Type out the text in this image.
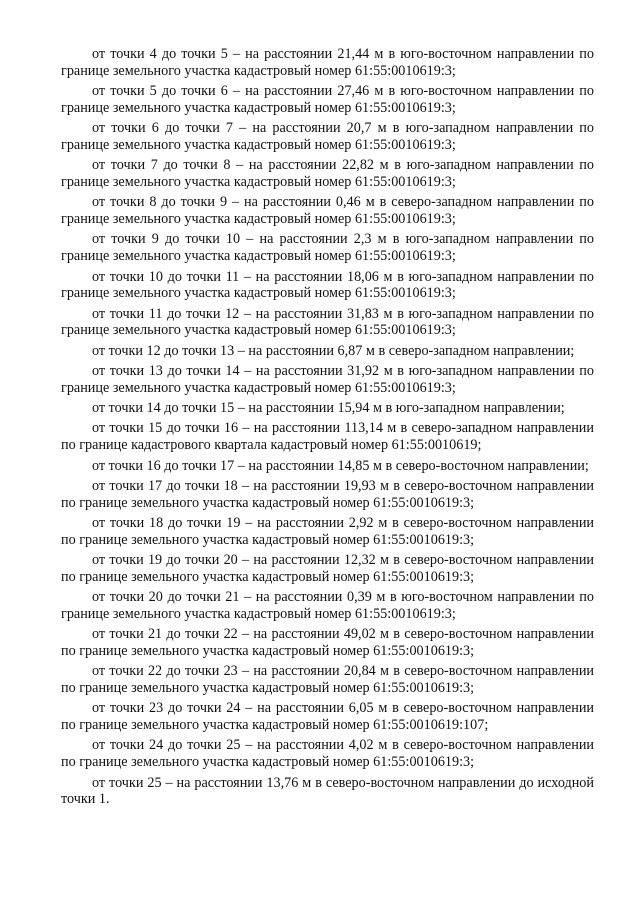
от точки 4 до точки 5 – на расстоянии 21,44 м в юго-восточном направлении по границе земельного участка кадастровый номер 61:55:0010619:3;

от точки 5 до точки 6 – на расстоянии 27,46 м в юго-восточном направлении по границе земельного участка кадастровый номер 61:55:0010619:3;

от точки 6 до точки 7 – на расстоянии 20,7 м в юго-западном направлении по границе земельного участка кадастровый номер 61:55:0010619:3;

от точки 7 до точки 8 – на расстоянии 22,82 м в юго-западном направлении по границе земельного участка кадастровый номер 61:55:0010619:3;

от точки 8 до точки 9 – на расстоянии 0,46 м в северо-западном направлении по границе земельного участка кадастровый номер 61:55:0010619:3;

от точки 9 до точки 10 – на расстоянии 2,3 м в юго-западном направлении по границе земельного участка кадастровый номер 61:55:0010619:3;

от точки 10 до точки 11 – на расстоянии 18,06 м в юго-западном направлении по границе земельного участка кадастровый номер 61:55:0010619:3;

от точки 11 до точки 12 – на расстоянии 31,83 м в юго-западном направлении по границе земельного участка кадастровый номер 61:55:0010619:3;

от точки 12 до точки 13 – на расстоянии 6,87 м в северо-западном направлении;

от точки 13 до точки 14 – на расстоянии 31,92 м в юго-западном направлении по границе земельного участка кадастровый номер 61:55:0010619:3;

от точки 14 до точки 15 – на расстоянии 15,94 м в юго-западном направлении;

от точки 15 до точки 16 – на расстоянии 113,14 м в северо-западном направлении по границе кадастрового квартала кадастровый номер 61:55:0010619;

от точки 16 до точки 17 – на расстоянии 14,85 м в северо-восточном направлении;

от точки 17 до точки 18 – на расстоянии 19,93 м в северо-восточном направлении по границе земельного участка кадастровый номер 61:55:0010619:3;

от точки 18 до точки 19 – на расстоянии 2,92 м в северо-восточном направлении по границе земельного участка кадастровый номер 61:55:0010619:3;

от точки 19 до точки 20 – на расстоянии 12,32 м в северо-восточном направлении по границе земельного участка кадастровый номер 61:55:0010619:3;

от точки 20 до точки 21 – на расстоянии 0,39 м в юго-восточном направлении по границе земельного участка кадастровый номер 61:55:0010619:3;

от точки 21 до точки 22 – на расстоянии 49,02 м в северо-восточном направлении по границе земельного участка кадастровый номер 61:55:0010619:3;

от точки 22 до точки 23 – на расстоянии 20,84 м в северо-восточном направлении по границе земельного участка кадастровый номер 61:55:0010619:3;

от точки 23 до точки 24 – на расстоянии 6,05 м в северо-восточном направлении по границе земельного участка кадастровый номер 61:55:0010619:107;

от точки 24 до точки 25 – на расстоянии 4,02 м в северо-восточном направлении по границе земельного участка кадастровый номер 61:55:0010619:3;

от точки 25 – на расстоянии 13,76 м в северо-восточном направлении до исходной точки 1.
